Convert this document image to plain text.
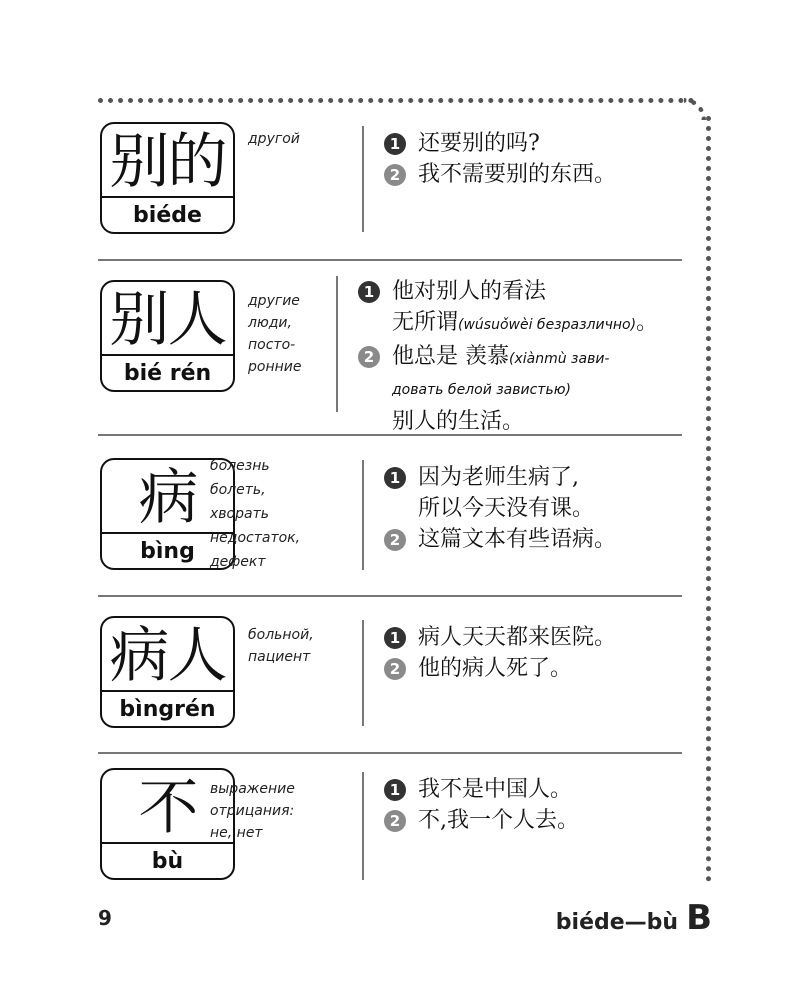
别的
biéde
другой	1 还要别的吗?
2 我不需要别的东西。
别人
bié rén
другие
люди,
посто-
ронние
1 他对别人的看法
无所谓(wúsuǒwèi безразлично)。
2 他总是 羡慕(xiànmù зави-
довать белой завистью)
别人的生活。
病
bìng
болезнь
болеть,
хворать
недостаток,
дефект
1 因为老师生病了,
所以今天没有课。
2 这篇文本有些语病。
病人
bìngrén
больной,
пациент
1 病人天天都来医院。
2 他的病人死了。
不
bù
выражение
отрицания:
не, нет
1 我不是中国人。
2 不,我一个人去。
9	biéde—bù B
